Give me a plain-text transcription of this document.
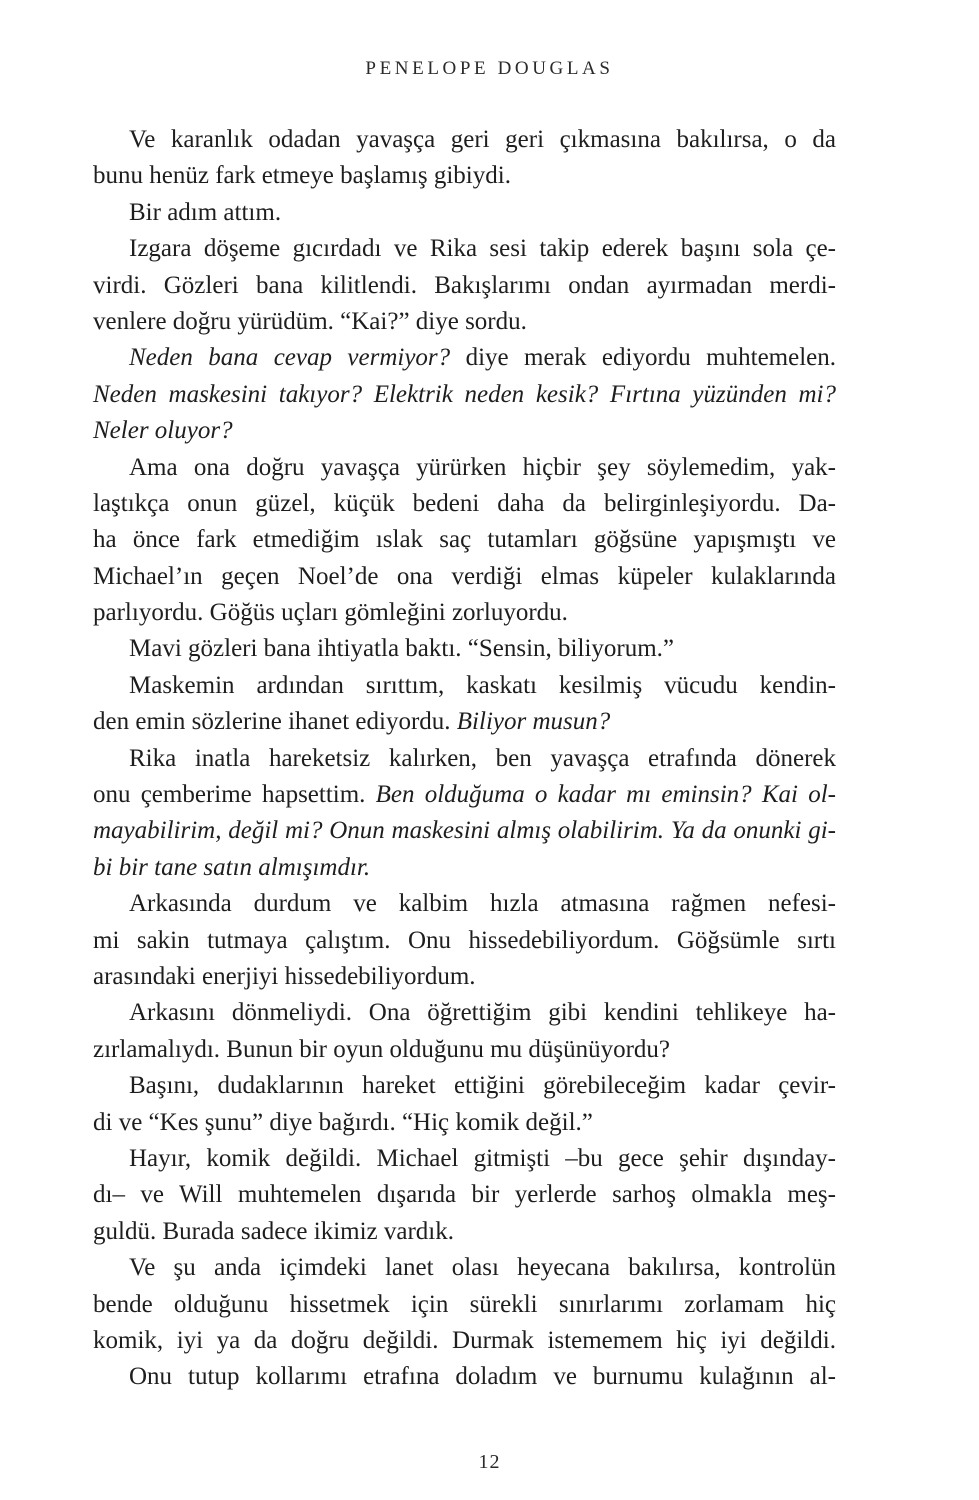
PENELOPE DOUGLAS
Ve karanlık odadan yavaşça geri geri çıkmasına bakılırsa, o da
bunu henüz fark etmeye başlamış gibiydi.
Bir adım attım.
Izgara döşeme gıcırdadı ve Rika sesi takip ederek başını sola çe-
virdi. Gözleri bana kilitlendi. Bakışlarımı ondan ayırmadan merdi-
venlere doğru yürüdüm. “Kai?” diye sordu.
Neden bana cevap vermiyor? diye merak ediyordu muhtemelen.
Neden maskesini takıyor? Elektrik neden kesik? Fırtına yüzünden mi?
Neler oluyor?
Ama ona doğru yavaşça yürürken hiçbir şey söylemedim, yak-
laştıkça onun güzel, küçük bedeni daha da belirginleşiyordu. Da-
ha önce fark etmediğim ıslak saç tutamları göğsüne yapışmıştı ve
Michael’ın geçen Noel’de ona verdiği elmas küpeler kulaklarında
parlıyordu. Göğüs uçları gömleğini zorluyordu.
Mavi gözleri bana ihtiyatla baktı. “Sensin, biliyorum.”
Maskemin ardından sırıttım, kaskatı kesilmiş vücudu kendin-
den emin sözlerine ihanet ediyordu. Biliyor musun?
Rika inatla hareketsiz kalırken, ben yavaşça etrafında dönerek
onu çemberime hapsettim. Ben olduğuma o kadar mı eminsin? Kai ol-
mayabilirim, değil mi? Onun maskesini almış olabilirim. Ya da onunki gi-
bi bir tane satın almışımdır.
Arkasında durdum ve kalbim hızla atmasına rağmen nefesi-
mi sakin tutmaya çalıştım. Onu hissedebiliyordum. Göğsümle sırtı
arasındaki enerjiyi hissedebiliyordum.
Arkasını dönmeliydi. Ona öğrettiğim gibi kendini tehlikeye ha-
zırlamalıydı. Bunun bir oyun olduğunu mu düşünüyordu?
Başını, dudaklarının hareket ettiğini görebileceğim kadar çevir-
di ve “Kes şunu” diye bağırdı. “Hiç komik değil.”
Hayır, komik değildi. Michael gitmişti –bu gece şehir dışınday-
dı– ve Will muhtemelen dışarıda bir yerlerde sarhoş olmakla meş-
guldü. Burada sadece ikimiz vardık.
Ve şu anda içimdeki lanet olası heyecana bakılırsa, kontrolün
bende olduğunu hissetmek için sürekli sınırlarımı zorlamam hiç
komik, iyi ya da doğru değildi. Durmak istememem hiç iyi değildi.
Onu tutup kollarımı etrafına doladım ve burnumu kulağının al-
12
